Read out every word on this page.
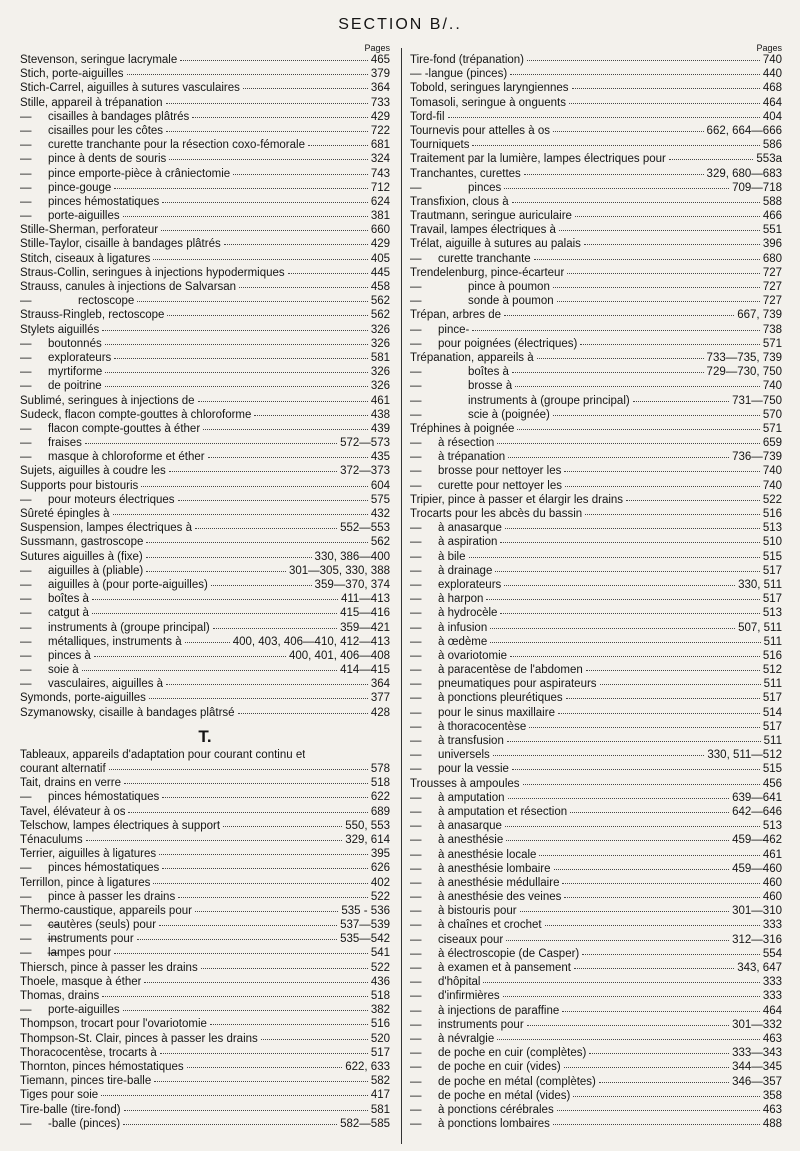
SECTION B/..
Pages
Stevenson, seringue lacrymale	465
Stich, porte-aiguilles	379
Stich-Carrel, aiguilles à sutures vasculaires	364
Stille, appareil à trépanation	733
— cisailles à bandages plâtrés	429
— cisailles pour les côtes	722
— curette tranchante pour la résection coxo-fémorale	681
— pince à dents de souris	324
— pince emporte-pièce à crâniectomie	743
— pince-gouge	712
— pinces hémostatiques	624
— porte-aiguilles	381
Stille-Sherman, perforateur	660
Stille-Taylor, cisaille à bandages plâtrés	429
Stitch, ciseaux à ligatures	405
Straus-Collin, seringues à injections hypodermiques	445
Strauss, canules à injections de Salvarsan	458
—	rectoscope	562
Strauss-Ringleb, rectoscope	562
Stylets aiguillés	326
— boutonnés	326
— explorateurs	581
— myrtiforme	326
— de poitrine	326
Sublimé, seringues à injections de	461
Sudeck, flacon compte-gouttes à chloroforme	438
— flacon compte-gouttes à éther	439
— fraises	572—573
— masque à chloroforme et éther	435
Sujets, aiguilles à coudre les	372—373
Supports pour bistouris	604
— pour moteurs électriques	575
Sûreté épingles à	432
Suspension, lampes électriques à	552—553
Sussmann, gastroscope	562
Sutures aiguilles à (fixe)	330, 386—400
— aiguilles à (pliable)	301—305, 330, 388
— aiguilles à (pour porte-aiguilles)	359—370, 374
— boîtes à	411—413
— catgut à	415—416
— instruments à (groupe principal)	359—421
— métalliques, instruments à	400, 403, 406—410, 412—413
— pinces à	400, 401, 406—408
— soie à	414—415
— vasculaires, aiguilles à	364
Symonds, porte-aiguilles	377
Szymanowsky, cisaille à bandages plâtrsé	428
T.
Tableaux, appareils d'adaptation pour courant continu et
courant alternatif	578
Tait, drains en verre	518
— pinces hémostatiques	622
Tavel, élévateur à os	689
Telschow, lampes électriques à support	550, 553
Ténaculums	329, 614
Terrier, aiguilles à ligatures	395
— pinces hémostatiques	626
Terrillon, pince à ligatures	402
— pince à passer les drains	522
Thermo-caustique, appareils pour	535 - 536
—     —cautères (seuls) pour	537—539
—     —instruments pour	535—542
—     —lampes pour	541
Thiersch, pince à passer les drains	522
Thoele, masque à éther	436
Thomas, drains	518
— porte-aiguilles	382
Thompson, trocart pour l'ovariotomie	516
Thompson-St. Clair, pinces à passer les drains	520
Thoracocentèse, trocarts à	517
Thornton, pinces hémostatiques	622, 633
Tiemann, pinces tire-balle	582
Tiges pour soie	417
Tire-balle (tire-fond)	581
— -balle (pinces)	582—585
Pages
Tire-fond (trépanation)	740
— -langue (pinces)	440
Tobold, seringues laryngiennes	468
Tomasoli, seringue à onguents	464
Tord-fil	404
Tournevis pour attelles à os	662, 664—666
Tourniquets	586
Traitement par la lumière, lampes électriques pour	553a
Tranchantes, curettes	329, 680—683
—	pinces	709—718
Transfixion, clous à	588
Trautmann, seringue auriculaire	466
Travail, lampes électriques à	551
Trélat, aiguille à sutures au palais	396
— curette tranchante	680
Trendelenburg, pince-écarteur	727
—	pince à poumon	727
—	sonde à poumon	727
Trépan, arbres de	667, 739
— pince-	738
— pour poignées (électriques)	571
Trépanation, appareils à	733—735, 739
—	boîtes à	729—730, 750
—	brosse à	740
—	instruments à (groupe principal)	731—750
—	scie à (poignée)	570
Tréphines à poignée	571
— à résection	659
— à trépanation	736—739
— brosse pour nettoyer les	740
— curette pour nettoyer les	740
Tripier, pince à passer et élargir les drains	522
Trocarts pour les abcès du bassin	516
— à anasarque	513
— à aspiration	510
— à bile	515
— à drainage	517
— explorateurs	330, 511
— à harpon	517
— à hydrocèle	513
— à infusion	507, 511
— à œdème	511
— à ovariotomie	516
— à paracentèse de l'abdomen	512
— pneumatiques pour aspirateurs	511
— à ponctions pleurétiques	517
— pour le sinus maxillaire	514
— à thoracocentèse	517
— à transfusion	511
— universels	330, 511—512
— pour la vessie	515
Trousses à ampoules	456
— à amputation	639—641
— à amputation et résection	642—646
— à anasarque	513
— à anesthésie	459—462
— à anesthésie locale	461
— à anesthésie lombaire	459—460
— à anesthésie médullaire	460
— à anesthésie des veines	460
— à bistouris pour	301—310
— à chaînes et crochet	333
— ciseaux pour	312—316
— à électroscopie (de Casper)	554
— à examen et à pansement	343, 647
— d'hôpital	333
— d'infirmières	333
— à injections de paraffine	464
— instruments pour	301—332
— à névralgie	463
— de poche en cuir (complètes)	333—343
— de poche en cuir (vides)	344—345
— de poche en métal (complètes)	346—357
— de poche en métal (vides)	358
— à ponctions cérébrales	463
— à ponctions lombaires	488
